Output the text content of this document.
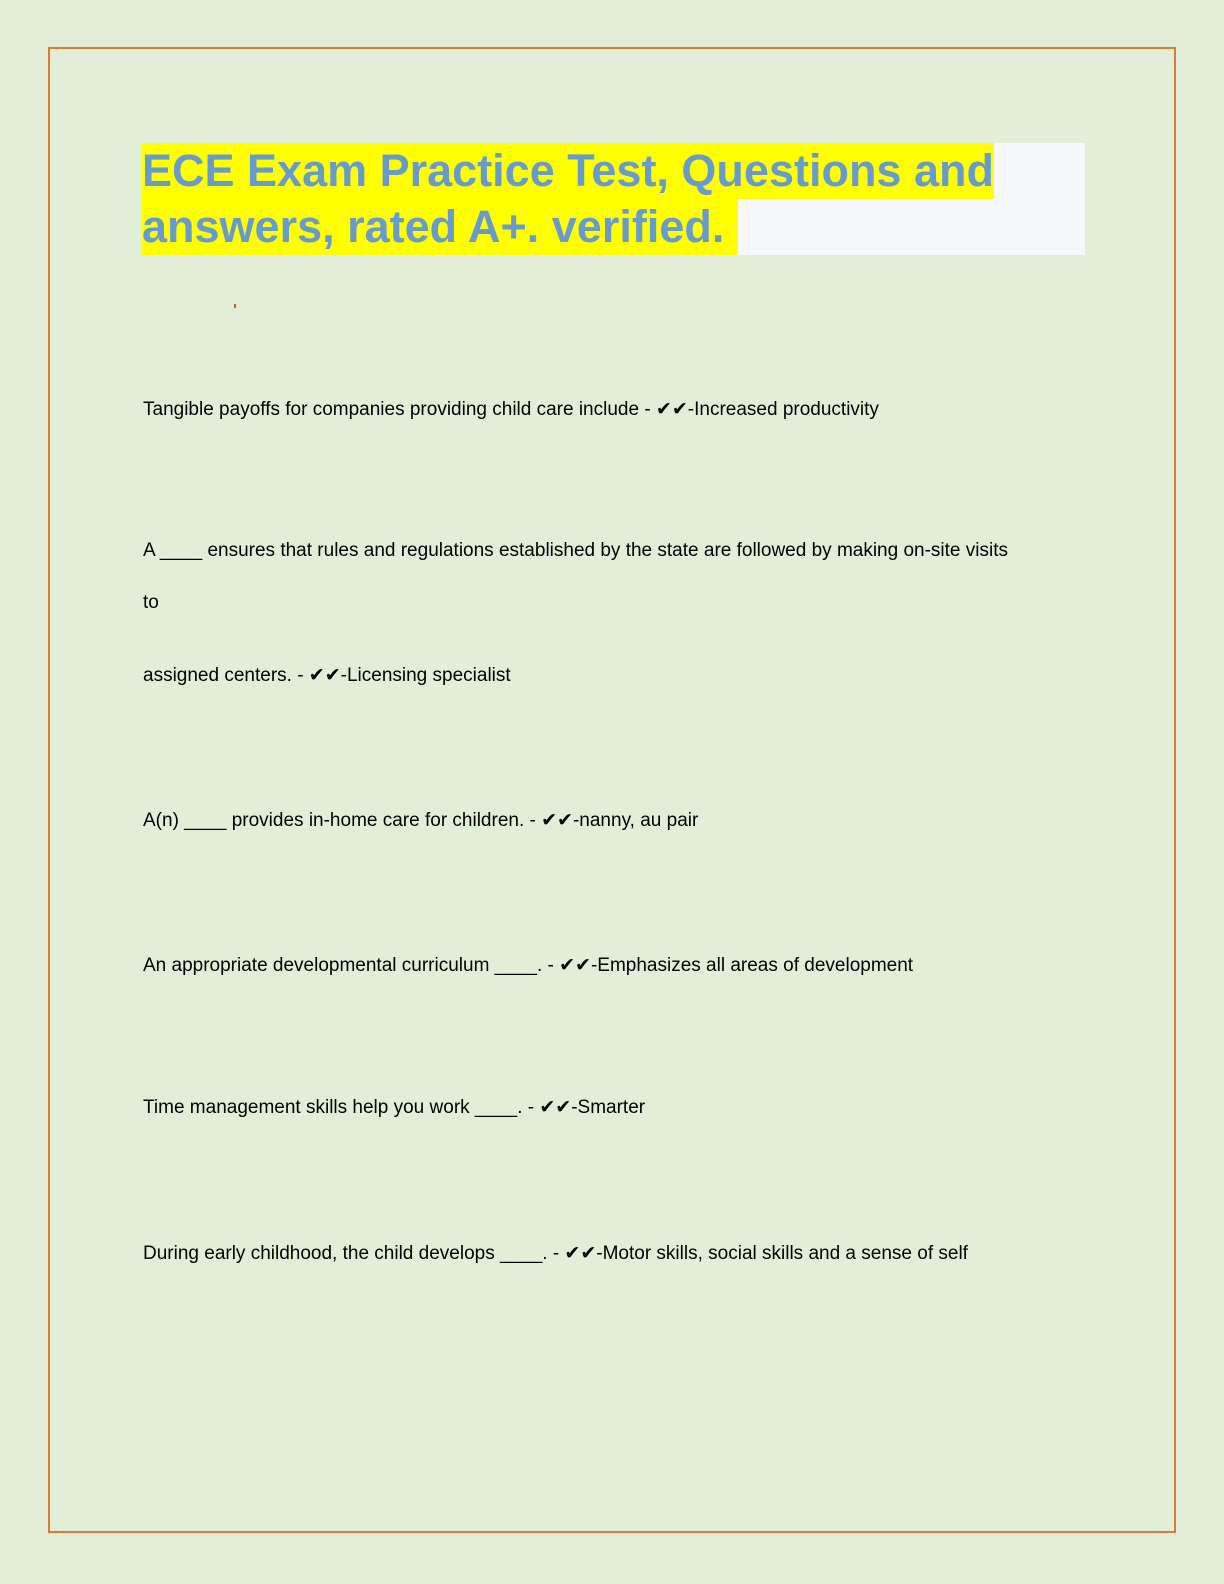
ECE Exam Practice Test, Questions and
answers, rated A+. verified.
Tangible payoffs for companies providing child care include - ✔✔-Increased productivity
A ____ ensures that rules and regulations established by the state are followed by making on-site visits
to
assigned centers. - ✔✔-Licensing specialist
A(n) ____ provides in-home care for children. - ✔✔-nanny, au pair
An appropriate developmental curriculum ____. - ✔✔-Emphasizes all areas of development
Time management skills help you work ____. - ✔✔-Smarter
During early childhood, the child develops ____. - ✔✔-Motor skills, social skills and a sense of self
